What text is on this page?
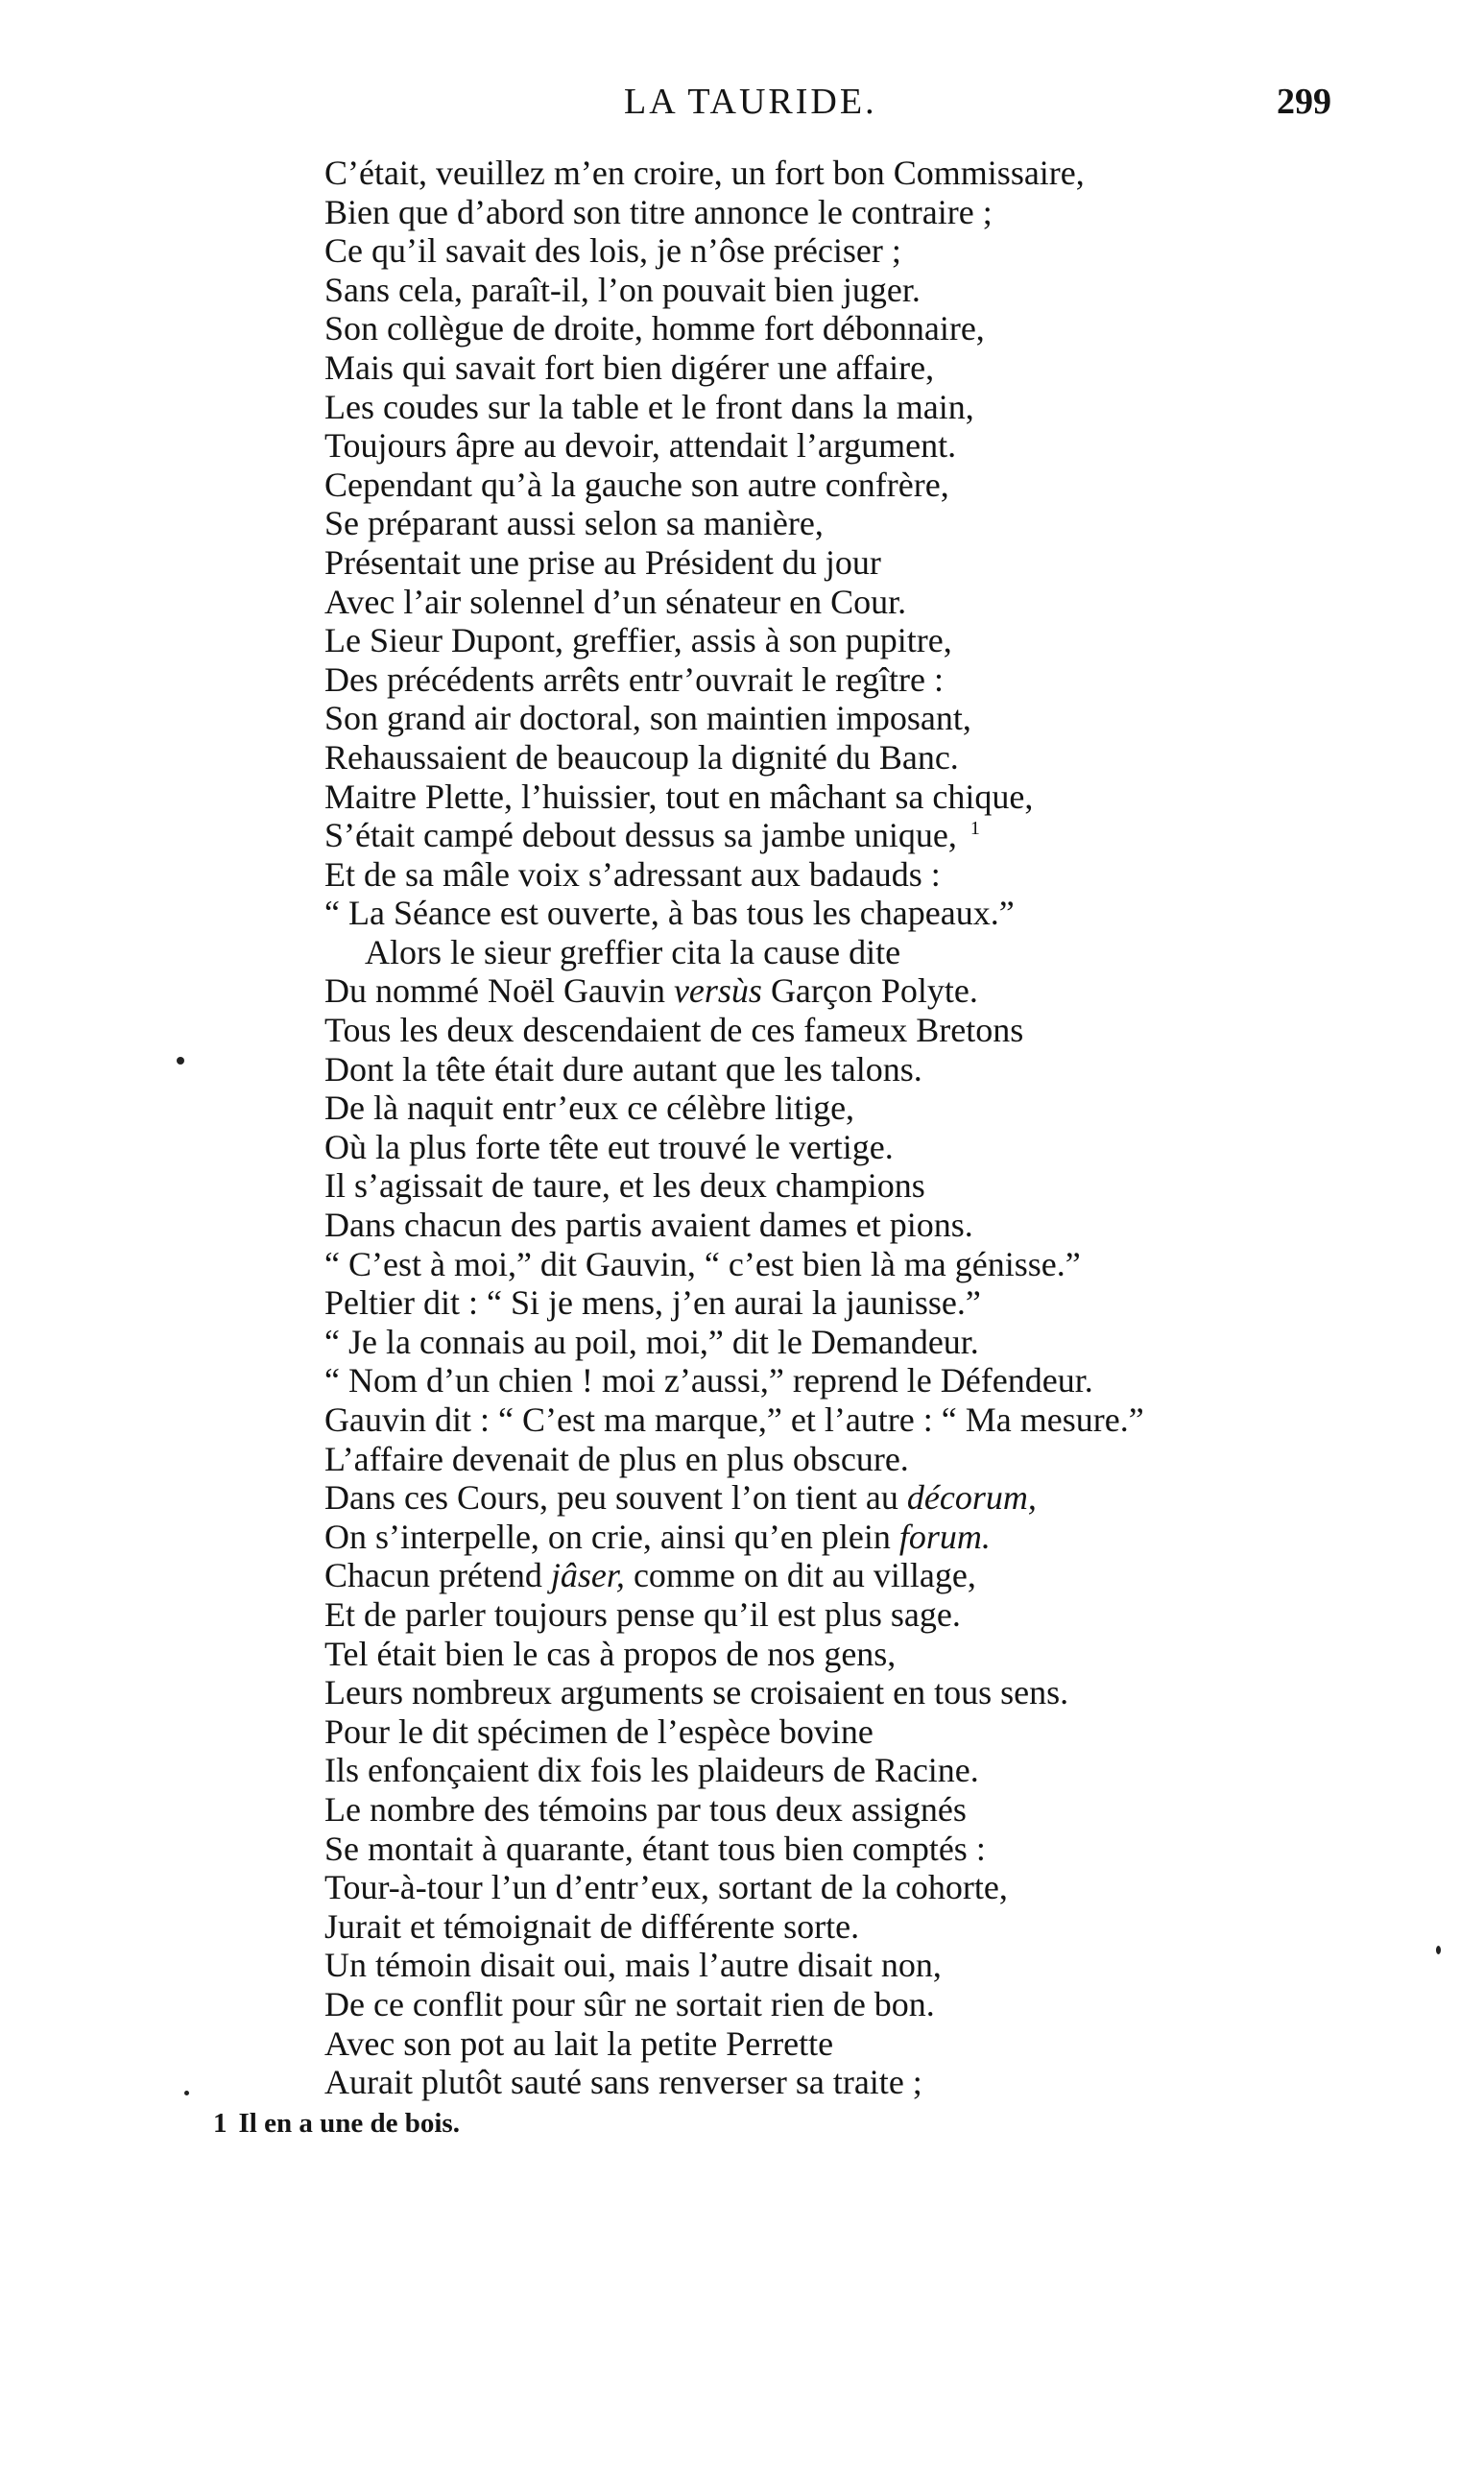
LA TAURIDE.	299
C’était, veuillez m’en croire, un fort bon Commissaire,
Bien que d’abord son titre annonce le contraire ;
Ce qu’il savait des lois, je n’ôse préciser ;
Sans cela, paraît-il, l’on pouvait bien juger.
Son collègue de droite, homme fort débonnaire,
Mais qui savait fort bien digérer une affaire,
Les coudes sur la table et le front dans la main,
Toujours âpre au devoir, attendait l’argument.
Cependant qu’à la gauche son autre confrère,
Se préparant aussi selon sa manière,
Présentait une prise au Président du jour
Avec l’air solennel d’un sénateur en Cour.
Le Sieur Dupont, greffier, assis à son pupitre,
Des précédents arrêts entr’ouvrait le regître :
Son grand air doctoral, son maintien imposant,
Rehaussaient de beaucoup la dignité du Banc.
Maitre Plette, l’huissier, tout en mâchant sa chique,
S’était campé debout dessus sa jambe unique, $^1$
Et de sa mâle voix s’adressant aux badauds :
“ La Séance est ouverte, à bas tous les chapeaux.”
Alors le sieur greffier cita la cause dite
Du nommé Noël Gauvin versùs Garçon Polyte.
Tous les deux descendaient de ces fameux Bretons
Dont la tête était dure autant que les talons.
De là naquit entr’eux ce célèbre litige,
Où la plus forte tête eut trouvé le vertige.
Il s’agissait de taure, et les deux champions
Dans chacun des partis avaient dames et pions.
“ C’est à moi,” dit Gauvin, “ c’est bien là ma génisse.”
Peltier dit : “ Si je mens, j’en aurai la jaunisse.”
“ Je la connais au poil, moi,” dit le Demandeur.
“ Nom d’un chien ! moi z’aussi,” reprend le Défendeur.
Gauvin dit : “ C’est ma marque,” et l’autre : “ Ma mesure.”
L’affaire devenait de plus en plus obscure.
Dans ces Cours, peu souvent l’on tient au décorum,
On s’interpelle, on crie, ainsi qu’en plein forum.
Chacun prétend jâser, comme on dit au village,
Et de parler toujours pense qu’il est plus sage.
Tel était bien le cas à propos de nos gens,
Leurs nombreux arguments se croisaient en tous sens.
Pour le dit spécimen de l’espèce bovine
Ils enfonçaient dix fois les plaideurs de Racine.
Le nombre des témoins par tous deux assignés
Se montait à quarante, étant tous bien comptés :
Tour-à-tour l’un d’entr’eux, sortant de la cohorte,
Jurait et témoignait de différente sorte.
Un témoin disait oui, mais l’autre disait non,
De ce conflit pour sûr ne sortait rien de bon.
Avec son pot au lait la petite Perrette
Aurait plutôt sauté sans renverser sa traite ;
1 Il en a une de bois.
